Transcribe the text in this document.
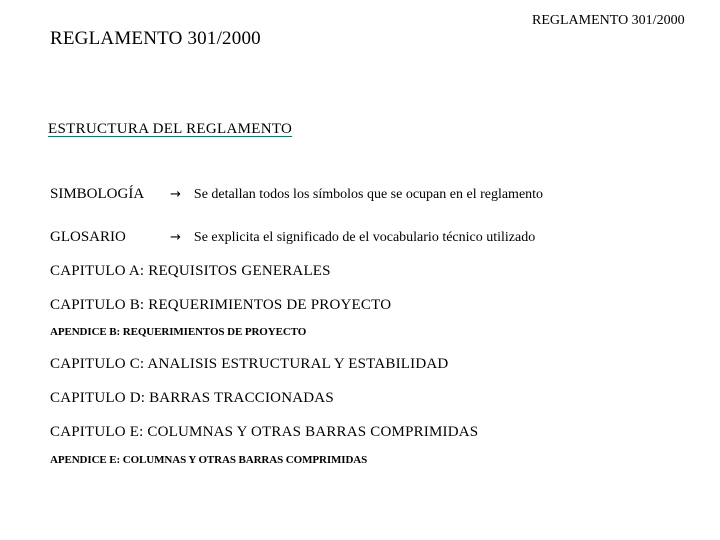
REGLAMENTO 301/2000
REGLAMENTO 301/2000
ESTRUCTURA DEL REGLAMENTO
SIMBOLOGÍA	→ Se detallan todos los símbolos que se ocupan en el reglamento
GLOSARIO	→ Se explicita el significado de el vocabulario técnico utilizado
CAPITULO A: REQUISITOS GENERALES
CAPITULO B: REQUERIMIENTOS DE PROYECTO
APENDICE B: REQUERIMIENTOS DE PROYECTO
CAPITULO C: ANALISIS ESTRUCTURAL Y ESTABILIDAD
CAPITULO D: BARRAS TRACCIONADAS
CAPITULO E: COLUMNAS Y OTRAS BARRAS COMPRIMIDAS
APENDICE E: COLUMNAS Y OTRAS BARRAS COMPRIMIDAS
